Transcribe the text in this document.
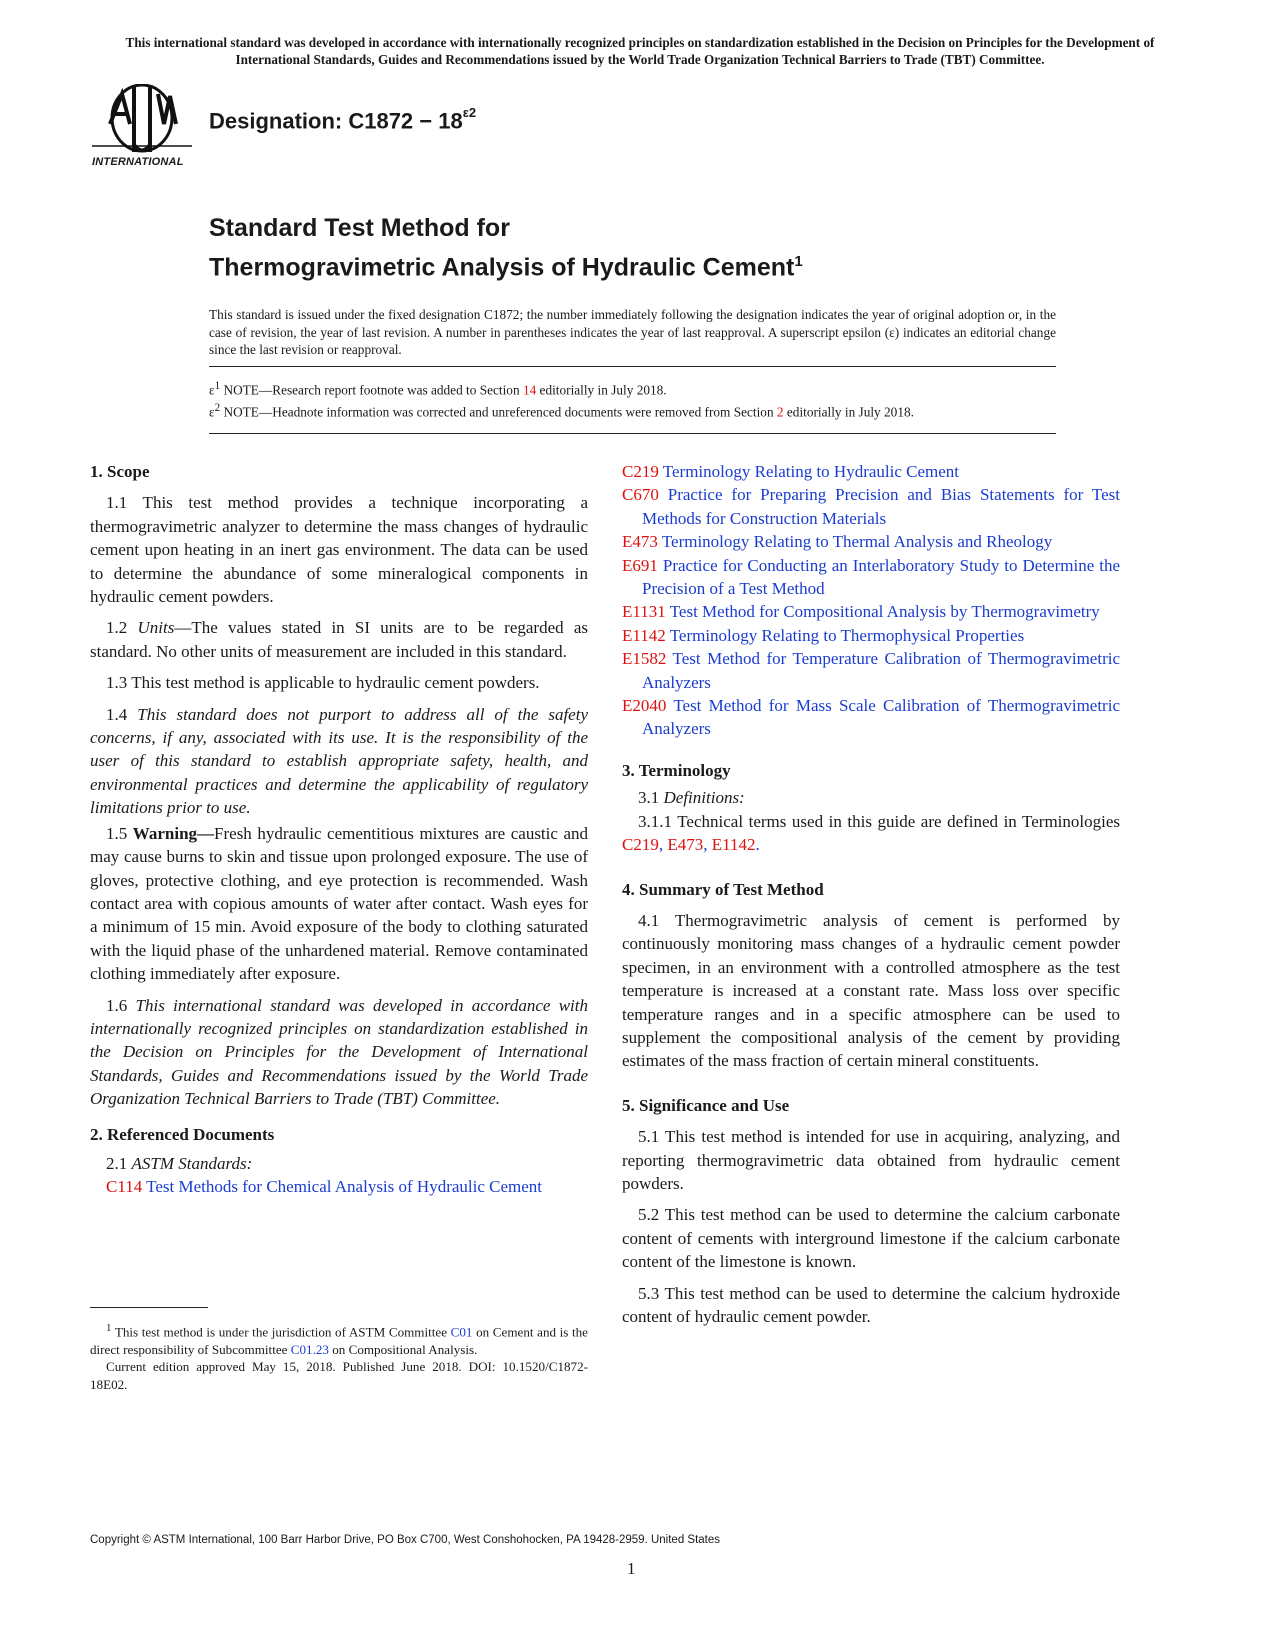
This international standard was developed in accordance with internationally recognized principles on standardization established in the Decision on Principles for the Development of International Standards, Guides and Recommendations issued by the World Trade Organization Technical Barriers to Trade (TBT) Committee.
INTERNATIONAL
Designation: $C1872 - 18^{\varepsilon 2}$
Standard Test Method for
Thermogravimetric Analysis of Hydraulic Cement$^1$
This standard is issued under the fixed designation C1872; the number immediately following the designation indicates the year of original adoption or, in the case of revision, the year of last revision. A number in parentheses indicates the year of last reapproval. A superscript epsilon (ε) indicates an editorial change since the last revision or reapproval.
$\varepsilon^1$ NOTE—Research report footnote was added to Section 14 editorially in July 2018.
$\varepsilon^2$ NOTE—Headnote information was corrected and unreferenced documents were removed from Section 2 editorially in July 2018.

1. Scope

1.1 This test method provides a technique incorporating a thermogravimetric analyzer to determine the mass changes of hydraulic cement upon heating in an inert gas environment. The data can be used to determine the abundance of some mineralogical components in hydraulic cement powders.

1.2 Units—The values stated in SI units are to be regarded as standard. No other units of measurement are included in this standard.

1.3 This test method is applicable to hydraulic cement powders.

1.4 This standard does not purport to address all of the safety concerns, if any, associated with its use. It is the responsibility of the user of this standard to establish appropriate safety, health, and environmental practices and determine the applicability of regulatory limitations prior to use.

1.5 Warning—Fresh hydraulic cementitious mixtures are caustic and may cause burns to skin and tissue upon prolonged exposure. The use of gloves, protective clothing, and eye protection is recommended. Wash contact area with copious amounts of water after contact. Wash eyes for a minimum of 15 min. Avoid exposure of the body to clothing saturated with the liquid phase of the unhardened material. Remove contaminated clothing immediately after exposure.

1.6 This international standard was developed in accordance with internationally recognized principles on standardization established in the Decision on Principles for the Development of International Standards, Guides and Recommendations issued by the World Trade Organization Technical Barriers to Trade (TBT) Committee.

2. Referenced Documents

2.1 ASTM Standards:

C114 Test Methods for Chemical Analysis of Hydraulic Cement

$^1$ This test method is under the jurisdiction of ASTM Committee C01 on Cement and is the direct responsibility of Subcommittee C01.23 on Compositional Analysis.
Current edition approved May 15, 2018. Published June 2018. DOI: 10.1520/C1872-18E02.

C219 Terminology Relating to Hydraulic Cement

C670 Practice for Preparing Precision and Bias Statements for Test Methods for Construction Materials

E473 Terminology Relating to Thermal Analysis and Rheology

E691 Practice for Conducting an Interlaboratory Study to Determine the Precision of a Test Method

E1131 Test Method for Compositional Analysis by Thermogravimetry

E1142 Terminology Relating to Thermophysical Properties

E1582 Test Method for Temperature Calibration of Thermogravimetric Analyzers

E2040 Test Method for Mass Scale Calibration of Thermogravimetric Analyzers

3. Terminology

3.1 Definitions:

3.1.1 Technical terms used in this guide are defined in Terminologies C219, E473, E1142.

4. Summary of Test Method

4.1 Thermogravimetric analysis of cement is performed by continuously monitoring mass changes of a hydraulic cement powder specimen, in an environment with a controlled atmosphere as the test temperature is increased at a constant rate. Mass loss over specific temperature ranges and in a specific atmosphere can be used to supplement the compositional analysis of the cement by providing estimates of the mass fraction of certain mineral constituents.

5. Significance and Use

5.1 This test method is intended for use in acquiring, analyzing, and reporting thermogravimetric data obtained from hydraulic cement powders.

5.2 This test method can be used to determine the calcium carbonate content of cements with interground limestone if the calcium carbonate content of the limestone is known.

5.3 This test method can be used to determine the calcium hydroxide content of hydraulic cement powder.

Copyright © ASTM International, 100 Barr Harbor Drive, PO Box C700, West Conshohocken, PA 19428-2959. United States
1
